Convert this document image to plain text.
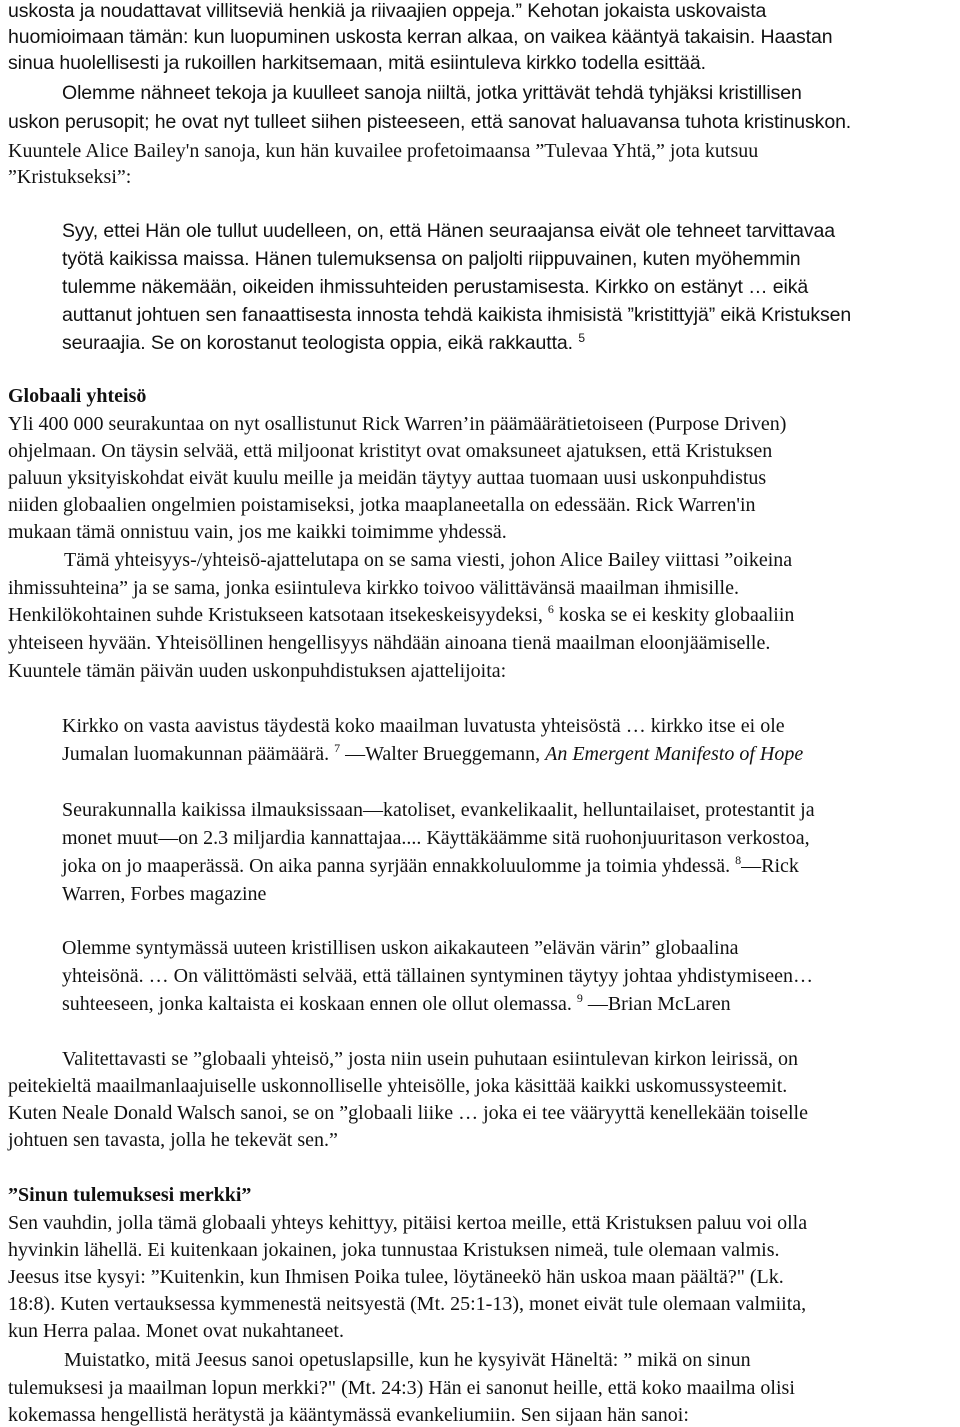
uskosta ja noudattavat villitseviä henkiä ja riivaajien oppeja.” Kehotan jokaista uskovaista
huomioimaan tämän: kun luopuminen uskosta kerran alkaa, on vaikea kääntyä takaisin. Haastan
sinua huolellisesti ja rukoillen harkitsemaan, mitä esiintuleva kirkko todella esittää.
Olemme nähneet tekoja ja kuulleet sanoja niiltä, jotka yrittävät tehdä tyhjäksi kristillisen
uskon perusopit; he ovat nyt tulleet siihen pisteeseen, että sanovat haluavansa tuhota kristinuskon.
Kuuntele Alice Bailey'n sanoja, kun hän kuvailee profetoimaansa ”Tulevaa Yhtä,” jota kutsuu
”Kristukseksi”:
Syy, ettei Hän ole tullut uudelleen, on, että Hänen seuraajansa eivät ole tehneet tarvittavaa
työtä kaikissa maissa. Hänen tulemuksensa on paljolti riippuvainen, kuten myöhemmin
tulemme näkemään, oikeiden ihmissuhteiden perustamisesta. Kirkko on estänyt … eikä
auttanut johtuen sen fanaattisesta innosta tehdä kaikista ihmisistä ”kristittyjä” eikä Kristuksen
seuraajia. Se on korostanut teologista oppia, eikä rakkautta. $^5$
Globaali yhteisö
Yli 400 000 seurakuntaa on nyt osallistunut Rick Warren’in päämäärätietoiseen (Purpose Driven)
ohjelmaan. On täysin selvää, että miljoonat kristityt ovat omaksuneet ajatuksen, että Kristuksen
paluun yksityiskohdat eivät kuulu meille ja meidän täytyy auttaa tuomaan uusi uskonpuhdistus
niiden globaalien ongelmien poistamiseksi, jotka maaplaneetalla on edessään. Rick Warren'in
mukaan tämä onnistuu vain, jos me kaikki toimimme yhdessä.
Tämä yhteisyys-/yhteisö-ajattelutapa on se sama viesti, johon Alice Bailey viittasi ”oikeina
ihmissuhteina” ja se sama, jonka esiintuleva kirkko toivoo välittävänsä maailman ihmisille.
Henkilökohtainen suhde Kristukseen katsotaan itsekeskeisyydeksi, $^6$ koska se ei keskity globaaliin
yhteiseen hyvään. Yhteisöllinen hengellisyys nähdään ainoana tienä maailman eloonjäämiselle.
Kuuntele tämän päivän uuden uskonpuhdistuksen ajattelijoita:
Kirkko on vasta aavistus täydestä koko maailman luvatusta yhteisöstä … kirkko itse ei ole
Jumalan luomakunnan päämäärä. $^7$ —Walter Brueggemann, An Emergent Manifesto of Hope
Seurakunnalla kaikissa ilmauksissaan—katoliset, evankelikaalit, helluntailaiset, protestantit ja
monet muut—on 2.3 miljardia kannattajaa.... Käyttäkäämme sitä ruohonjuuritason verkostoa,
joka on jo maaperässä. On aika panna syrjään ennakkoluulomme ja toimia yhdessä. $^8$—Rick
Warren, Forbes magazine
Olemme syntymässä uuteen kristillisen uskon aikakauteen ”elävän värin” globaalina
yhteisönä. … On välittömästi selvää, että tällainen syntyminen täytyy johtaa yhdistymiseen…
suhteeseen, jonka kaltaista ei koskaan ennen ole ollut olemassa. $^9$ —Brian McLaren
Valitettavasti se ”globaali yhteisö,” josta niin usein puhutaan esiintulevan kirkon leirissä, on
peitekieltä maailmanlaajuiselle uskonnolliselle yhteisölle, joka käsittää kaikki uskomussysteemit.
Kuten Neale Donald Walsch sanoi, se on ”globaali liike … joka ei tee vääryyttä kenellekään toiselle
johtuen sen tavasta, jolla he tekevät sen.”
”Sinun tulemuksesi merkki”
Sen vauhdin, jolla tämä globaali yhteys kehittyy, pitäisi kertoa meille, että Kristuksen paluu voi olla
hyvinkin lähellä. Ei kuitenkaan jokainen, joka tunnustaa Kristuksen nimeä, tule olemaan valmis.
Jeesus itse kysyi: ”Kuitenkin, kun Ihmisen Poika tulee, löytäneekö hän uskoa maan päältä?" (Lk.
18:8). Kuten vertauksessa kymmenestä neitsyestä (Mt. 25:1-13), monet eivät tule olemaan valmiita,
kun Herra palaa. Monet ovat nukahtaneet.
Muistatko, mitä Jeesus sanoi opetuslapsille, kun he kysyivät Häneltä: ” mikä on sinun
tulemuksesi ja maailman lopun merkki?" (Mt. 24:3) Hän ei sanonut heille, että koko maailma olisi
kokemassa hengellistä herätystä ja kääntymässä evankeliumiin. Sen sijaan hän sanoi:
